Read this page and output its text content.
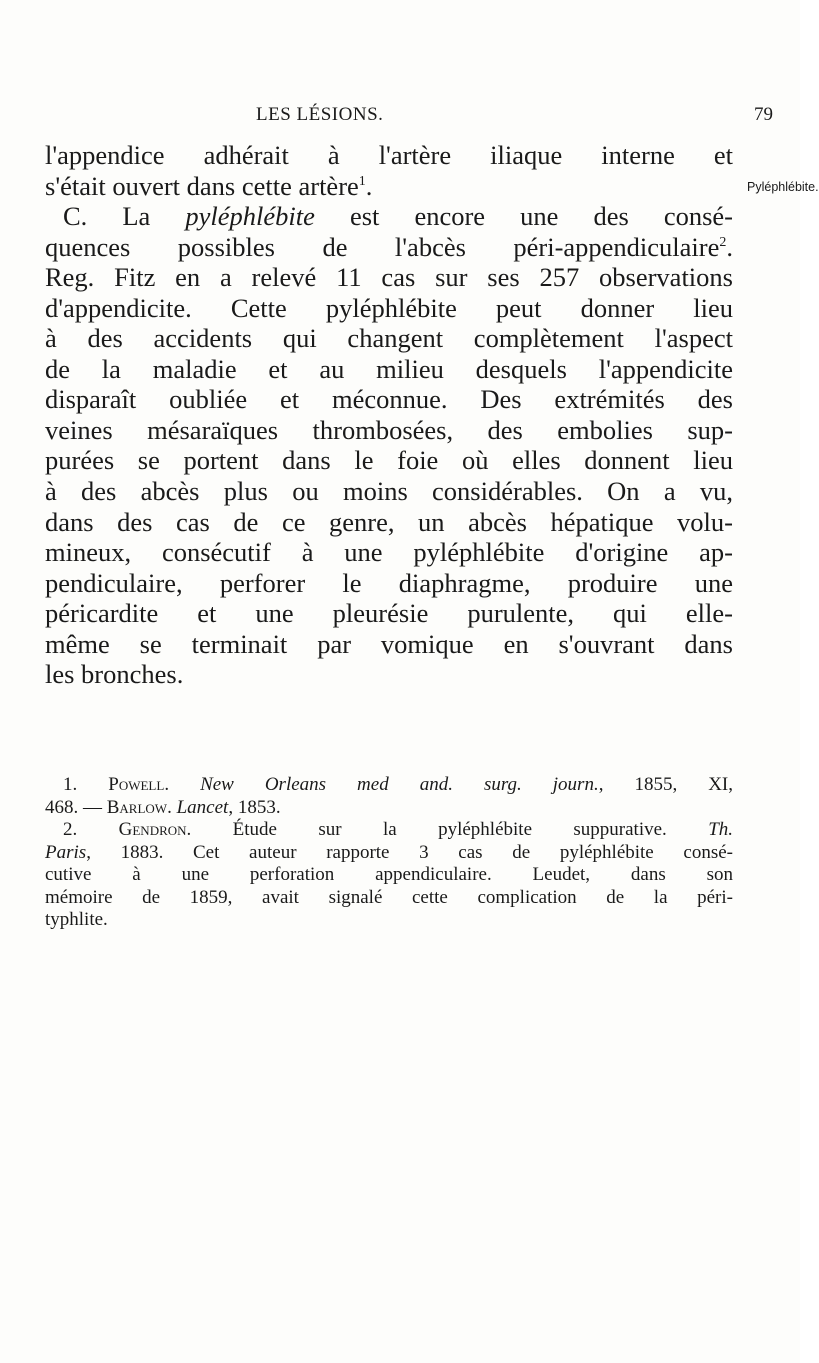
LES LÉSIONS.	79
Pyléphlébite.
l'appendice adhérait à l'artère iliaque interne et
s'était ouvert dans cette artère$^1$.
C. La pyléphlébite est encore une des consé-
quences possibles de l'abcès péri-appendiculaire$^2$.
Reg. Fitz en a relevé 11 cas sur ses 257 observations
d'appendicite. Cette pyléphlébite peut donner lieu
à des accidents qui changent complètement l'aspect
de la maladie et au milieu desquels l'appendicite
disparaît oubliée et méconnue. Des extrémités des
veines mésaraïques thrombosées, des embolies sup-
purées se portent dans le foie où elles donnent lieu
à des abcès plus ou moins considérables. On a vu,
dans des cas de ce genre, un abcès hépatique volu-
mineux, consécutif à une pyléphlébite d'origine ap-
pendiculaire, perforer le diaphragme, produire une
péricardite et une pleurésie purulente, qui elle-
même se terminait par vomique en s'ouvrant dans
les bronches.
1. Powell. New Orleans med and. surg. journ., 1855, XI,
468. — Barlow. Lancet, 1853.
2. Gendron. Étude sur la pyléphlébite suppurative. Th.
Paris, 1883. Cet auteur rapporte 3 cas de pyléphlébite consé-
cutive à une perforation appendiculaire. Leudet, dans son
mémoire de 1859, avait signalé cette complication de la péri-
typhlite.
